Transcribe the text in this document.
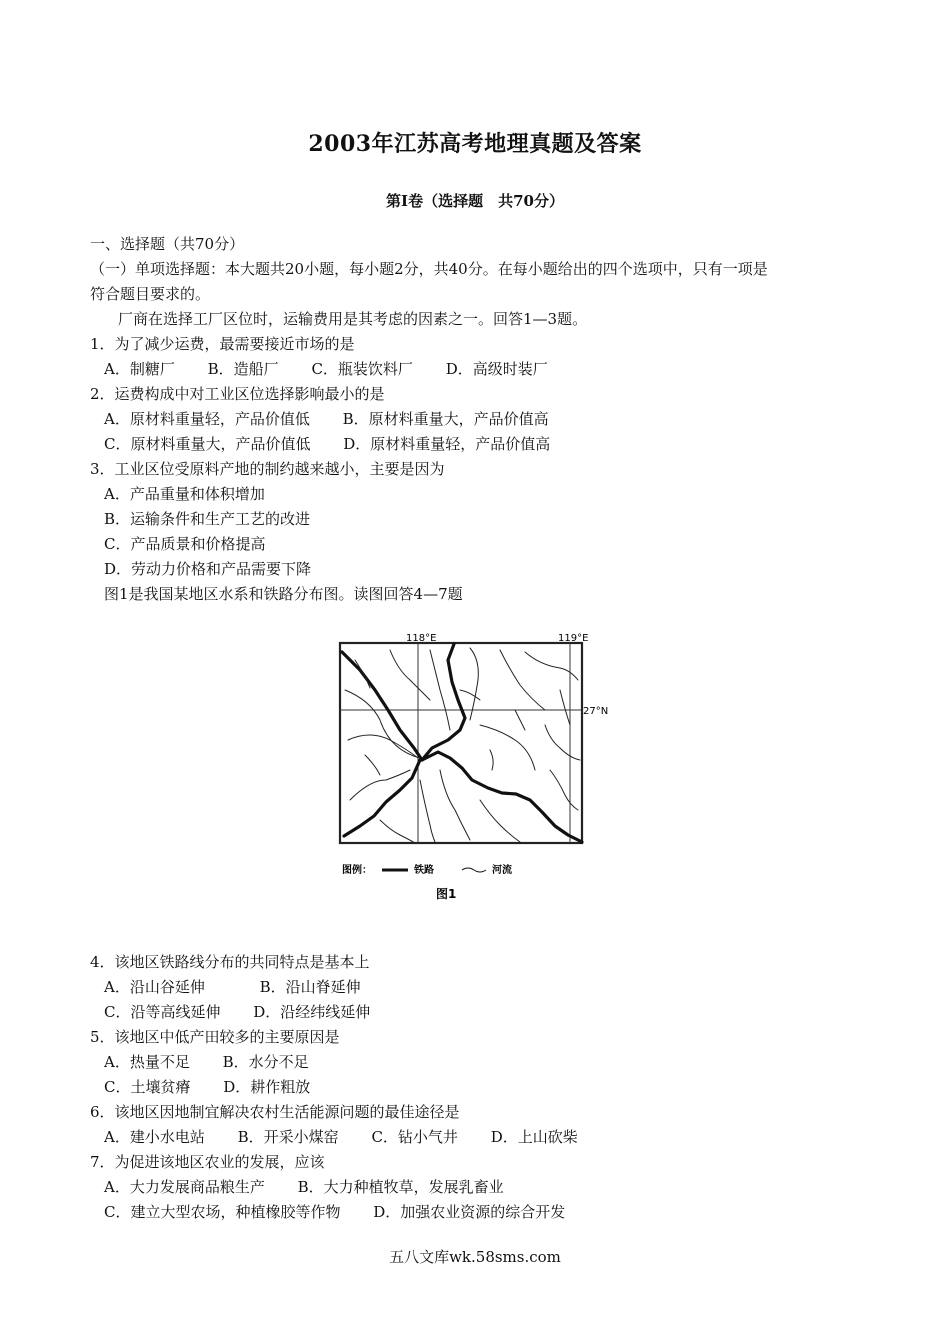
2003年江苏高考地理真题及答案
第Ⅰ卷（选择题　共70分）
一、选择题（共70分）
（一）单项选择题：本大题共20小题，每小题2分，共40分。在每小题给出的四个选项中，只有一项是
符合题目要求的。
厂商在选择工厂区位时，运输费用是其考虑的因素之一。回答1—3题。
1．为了减少运费，最需要接近市场的是
A．制糖厂 B．造船厂 C．瓶装饮料厂 D．高级时装厂
2．运费构成中对工业区位选择影响最小的是
A．原材料重量轻，产品价值低 B．原材料重量大，产品价值高
C．原材料重量大，产品价值低 D．原材料重量轻，产品价值高
3．工业区位受原料产地的制约越来越小，主要是因为
A．产品重量和体积增加
B．运输条件和生产工艺的改进
C．产品质景和价格提高
D．劳动力价格和产品需要下降
图1是我国某地区水系和铁路分布图。读图回答4—7题
118°E	119°E
27°N
图例：	铁路	河流
图1
4．该地区铁路线分布的共同特点是基本上
A．沿山谷延伸	B．沿山脊延伸
C．沿等高线延伸 D．沿经纬线延伸
5．该地区中低产田较多的主要原因是
A．热量不足 B．水分不足
C．土壤贫瘠 D．耕作粗放
6．该地区因地制宜解决农村生活能源问题的最佳途径是
A．建小水电站 B．开采小煤窑 C．钻小气井 D．上山砍柴
7．为促进该地区农业的发展，应该
A．大力发展商品粮生产 B．大力种植牧草，发展乳畜业
C．建立大型农场，种植橡胶等作物 D．加强农业资源的综合开发
五八文库wk.58sms.com
